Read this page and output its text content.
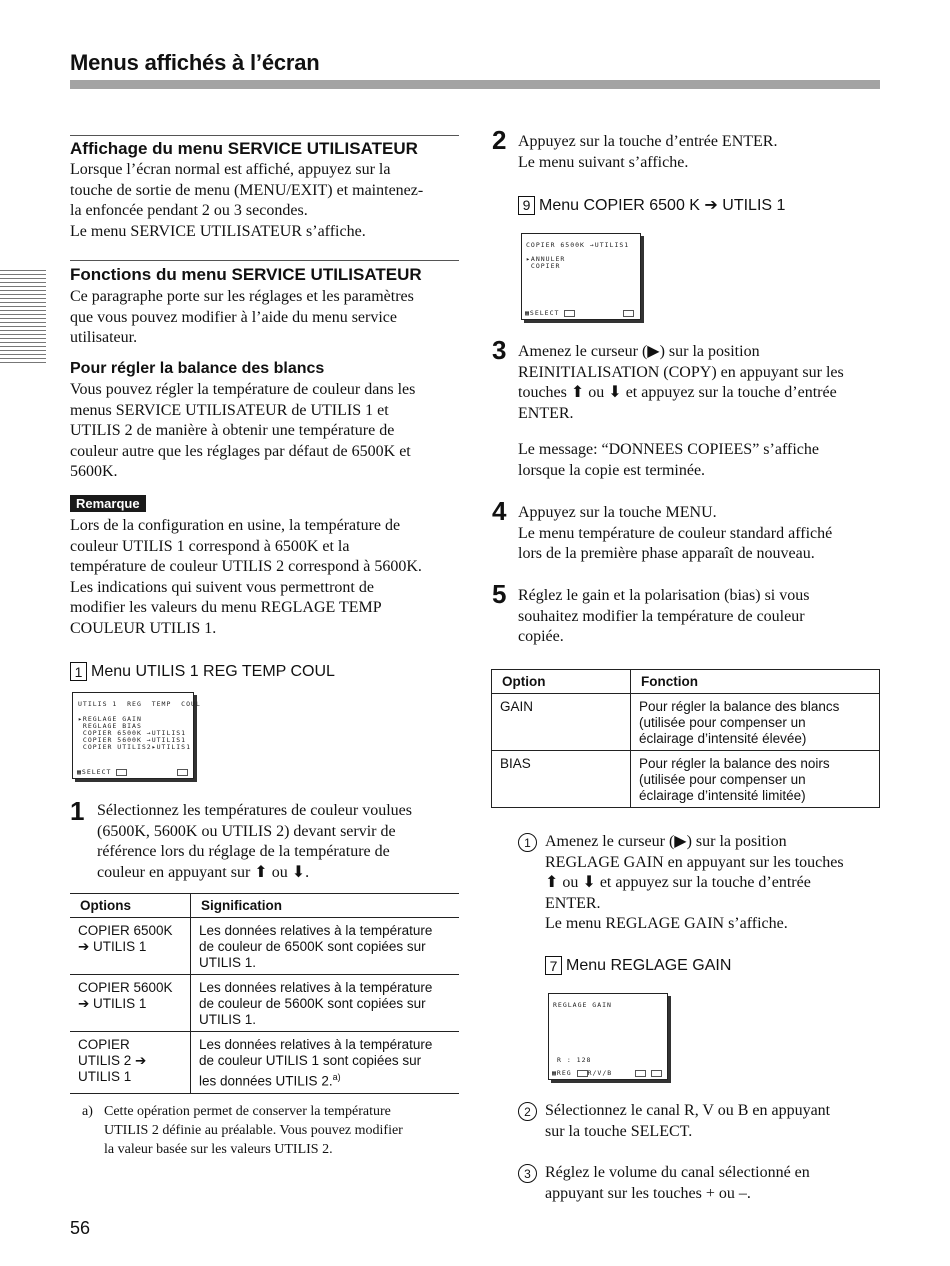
Menus affichés à l’écran
Affichage du menu SERVICE UTILISATEUR
Lorsque l’écran normal est affiché, appuyez sur la
touche de sortie de menu (MENU/EXIT) et maintenez-
la enfoncée pendant 2 ou 3 secondes.
Le menu SERVICE UTILISATEUR s’affiche.
Fonctions du menu SERVICE UTILISATEUR
Ce paragraphe porte sur les réglages et les paramètres
que vous pouvez modifier à l’aide du menu service
utilisateur.
Pour régler la balance des blancs
Vous pouvez régler la température de couleur dans les
menus SERVICE UTILISATEUR de UTILIS 1 et
UTILIS 2 de manière à obtenir une température de
couleur autre que les réglages par défaut de 6500K et
5600K.
Remarque
Lors de la configuration en usine, la température de
couleur UTILIS 1 correspond à 6500K et la
température de couleur UTILIS 2 correspond à 5600K.
Les indications qui suivent vous permettront de
modifier les valeurs du menu REGLAGE TEMP
COULEUR UTILIS 1.
1 Menu UTILIS 1 REG TEMP COUL
UTILIS 1  REG  TEMP  COUL
▸REGLAGE GAIN
REGLAGE BIAS
COPIER 6500K →UTILIS1
COPIER 5600K →UTILIS1
COPIER UTILIS2▸UTILIS1
▦SELECT
1 Sélectionnez les températures de couleur voulues
(6500K, 5600K ou UTILIS 2) devant servir de
référence lors du réglage de la température de
couleur en appuyant sur ⬆ ou ⬇.
Options	Signification
COPIER 6500K
➔ UTILIS 1	Les données relatives à la température
de couleur de 6500K sont copiées sur
UTILIS 1.
COPIER 5600K
➔ UTILIS 1	Les données relatives à la température
de couleur de 5600K sont copiées sur
UTILIS 1.
COPIER
UTILIS 2 ➔
UTILIS 1	Les données relatives à la température
de couleur UTILIS 1 sont copiées sur
les données UTILIS 2.$^{a)}$
a) Cette opération permet de conserver la température
UTILIS 2 définie au préalable. Vous pouvez modifier
la valeur basée sur les valeurs UTILIS 2.
56
2 Appuyez sur la touche d’entrée ENTER.
Le menu suivant s’affiche.
9 Menu COPIER 6500 K ➔ UTILIS 1
COPIER 6500K →UTILIS1
▸ANNULER
COPIER
▦SELECT
3 Amenez le curseur (▶) sur la position
REINITIALISATION (COPY) en appuyant sur les
touches ⬆ ou ⬇ et appuyez sur la touche d’entrée
ENTER.
Le message: “DONNEES COPIEES” s’affiche
lorsque la copie est terminée.
4 Appuyez sur la touche MENU.
Le menu température de couleur standard affiché
lors de la première phase apparaît de nouveau.
5 Réglez le gain et la polarisation (bias) si vous
souhaitez modifier la température de couleur
copiée.
Option	Fonction
GAIN	Pour régler la balance des blancs
(utilisée pour compenser un
éclairage d’intensité élevée)
BIAS	Pour régler la balance des noirs
(utilisée pour compenser un
éclairage d’intensité limitée)
1 Amenez le curseur (▶) sur la position
REGLAGE GAIN en appuyant sur les touches
⬆ ou ⬇ et appuyez sur la touche d’entrée
ENTER.
Le menu REGLAGE GAIN s’affiche.
7 Menu REGLAGE GAIN
REGLAGE GAIN
R : 128
▦REG R/V/B

2 Sélectionnez le canal R, V ou B en appuyant
sur la touche SELECT.
3 Réglez le volume du canal sélectionné en
appuyant sur les touches + ou –.
